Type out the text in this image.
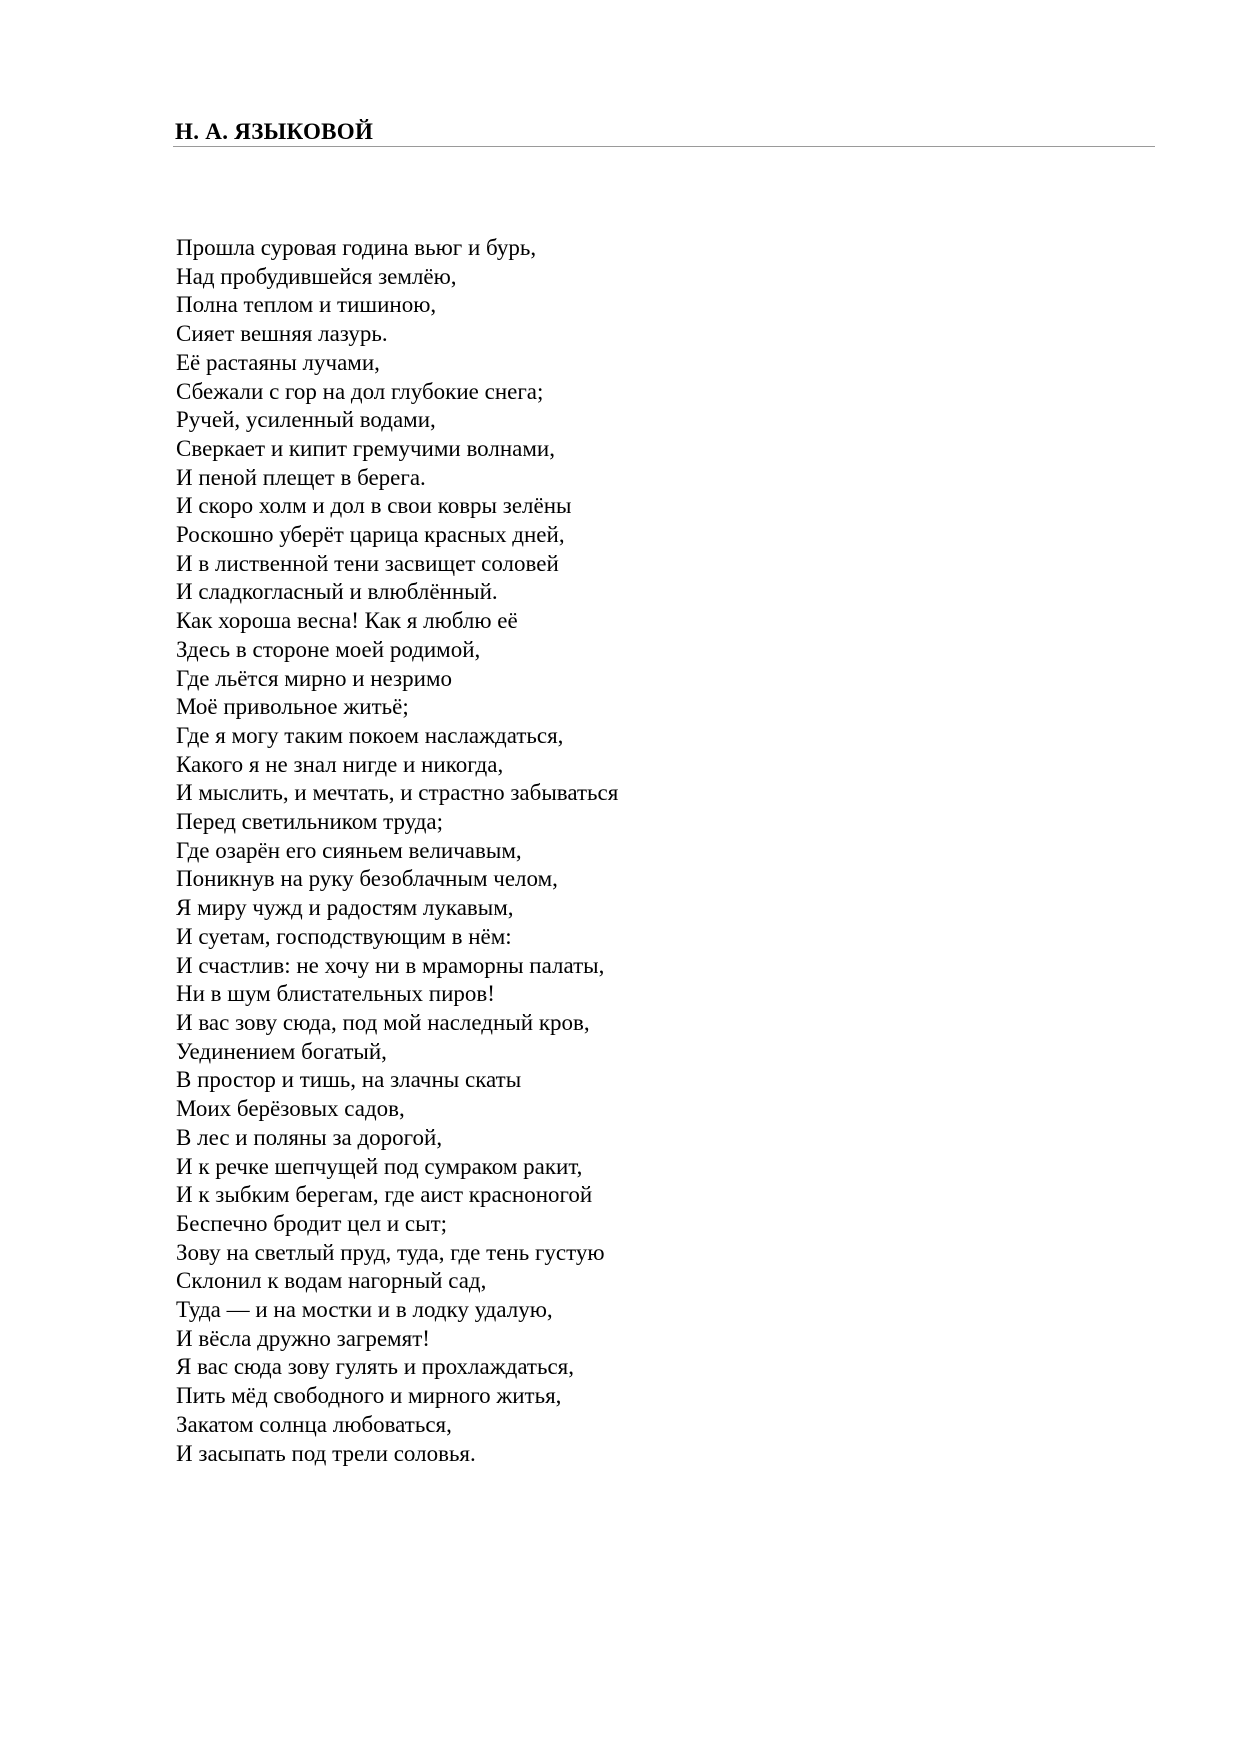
Н. А. ЯЗЫКОВОЙ
Прошла суровая година вьюг и бурь,
Над пробудившейся землёю,
Полна теплом и тишиною,
Сияет вешняя лазурь.
Её растаяны лучами,
Сбежали с гор на дол глубокие снега;
Ручей, усиленный водами,
Сверкает и кипит гремучими волнами,
И пеной плещет в берега.
И скоро холм и дол в свои ковры зелёны
Роскошно уберёт царица красных дней,
И в лиственной тени засвищет соловей
И сладкогласный и влюблённый.
Как хороша весна! Как я люблю её
Здесь в стороне моей родимой,
Где льётся мирно и незримо
Моё привольное житьё;
Где я могу таким покоем наслаждаться,
Какого я не знал нигде и никогда,
И мыслить, и мечтать, и страстно забываться
Перед светильником труда;
Где озарён его сияньем величавым,
Поникнув на руку безоблачным челом,
Я миру чужд и радостям лукавым,
И суетам, господствующим в нём:
И счастлив: не хочу ни в мраморны палаты,
Ни в шум блистательных пиров!
И вас зову сюда, под мой наследный кров,
Уединением богатый,
В простор и тишь, на злачны скаты
Моих берёзовых садов,
В лес и поляны за дорогой,
И к речке шепчущей под сумраком ракит,
И к зыбким берегам, где аист красноногой
Беспечно бродит цел и сыт;
Зову на светлый пруд, туда, где тень густую
Склонил к водам нагорный сад,
Туда — и на мостки и в лодку удалую,
И вёсла дружно загремят!
Я вас сюда зову гулять и прохлаждаться,
Пить мёд свободного и мирного житья,
Закатом солнца любоваться,
И засыпать под трели соловья.
